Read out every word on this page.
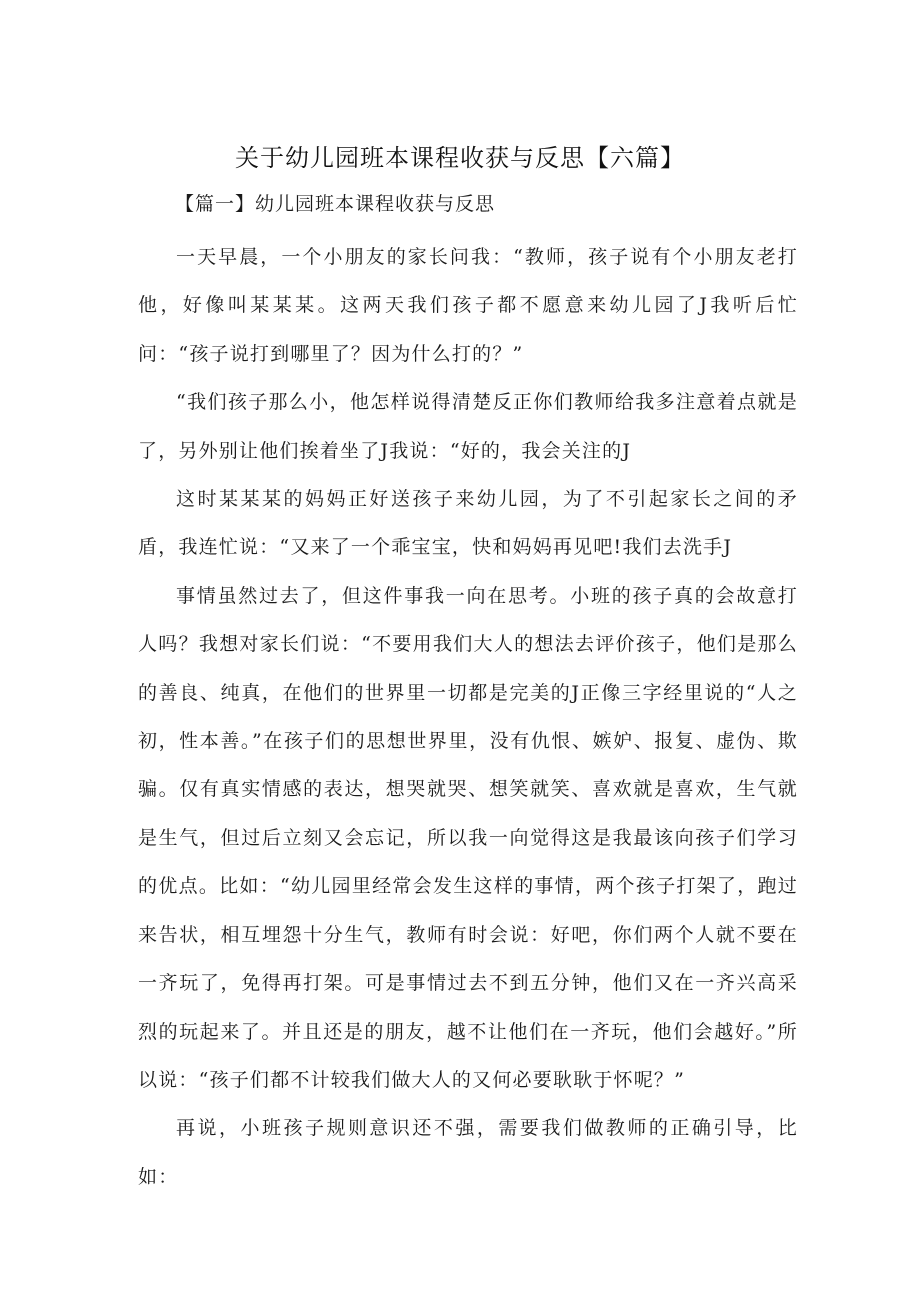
关于幼儿园班本课程收获与反思【六篇】
【篇一】幼儿园班本课程收获与反思

一天早晨，一个小朋友的家长问我：“教师，孩子说有个小朋友老打他，好像叫某某某。这两天我们孩子都不愿意来幼儿园了J我听后忙问：“孩子说打到哪里了？因为什么打的？”

“我们孩子那么小，他怎样说得清楚反正你们教师给我多注意着点就是了，另外别让他们挨着坐了J我说：“好的，我会关注的J

这时某某某的妈妈正好送孩子来幼儿园，为了不引起家长之间的矛盾，我连忙说：“又来了一个乖宝宝，快和妈妈再见吧!我们去洗手J

事情虽然过去了，但这件事我一向在思考。小班的孩子真的会故意打人吗？我想对家长们说：“不要用我们大人的想法去评价孩子，他们是那么的善良、纯真，在他们的世界里一切都是完美的J正像三字经里说的“人之初，性本善。”在孩子们的思想世界里，没有仇恨、嫉妒、报复、虚伪、欺骗。仅有真实情感的表达，想哭就哭、想笑就笑、喜欢就是喜欢，生气就是生气，但过后立刻又会忘记，所以我一向觉得这是我最该向孩子们学习的优点。比如：“幼儿园里经常会发生这样的事情，两个孩子打架了，跑过来告状，相互埋怨十分生气，教师有时会说：好吧，你们两个人就不要在一齐玩了，免得再打架。可是事情过去不到五分钟，他们又在一齐兴高采烈的玩起来了。并且还是的朋友，越不让他们在一齐玩，他们会越好。”所以说：“孩子们都不计较我们做大人的又何必要耿耿于怀呢？”

再说，小班孩子规则意识还不强，需要我们做教师的正确引导，比如：
